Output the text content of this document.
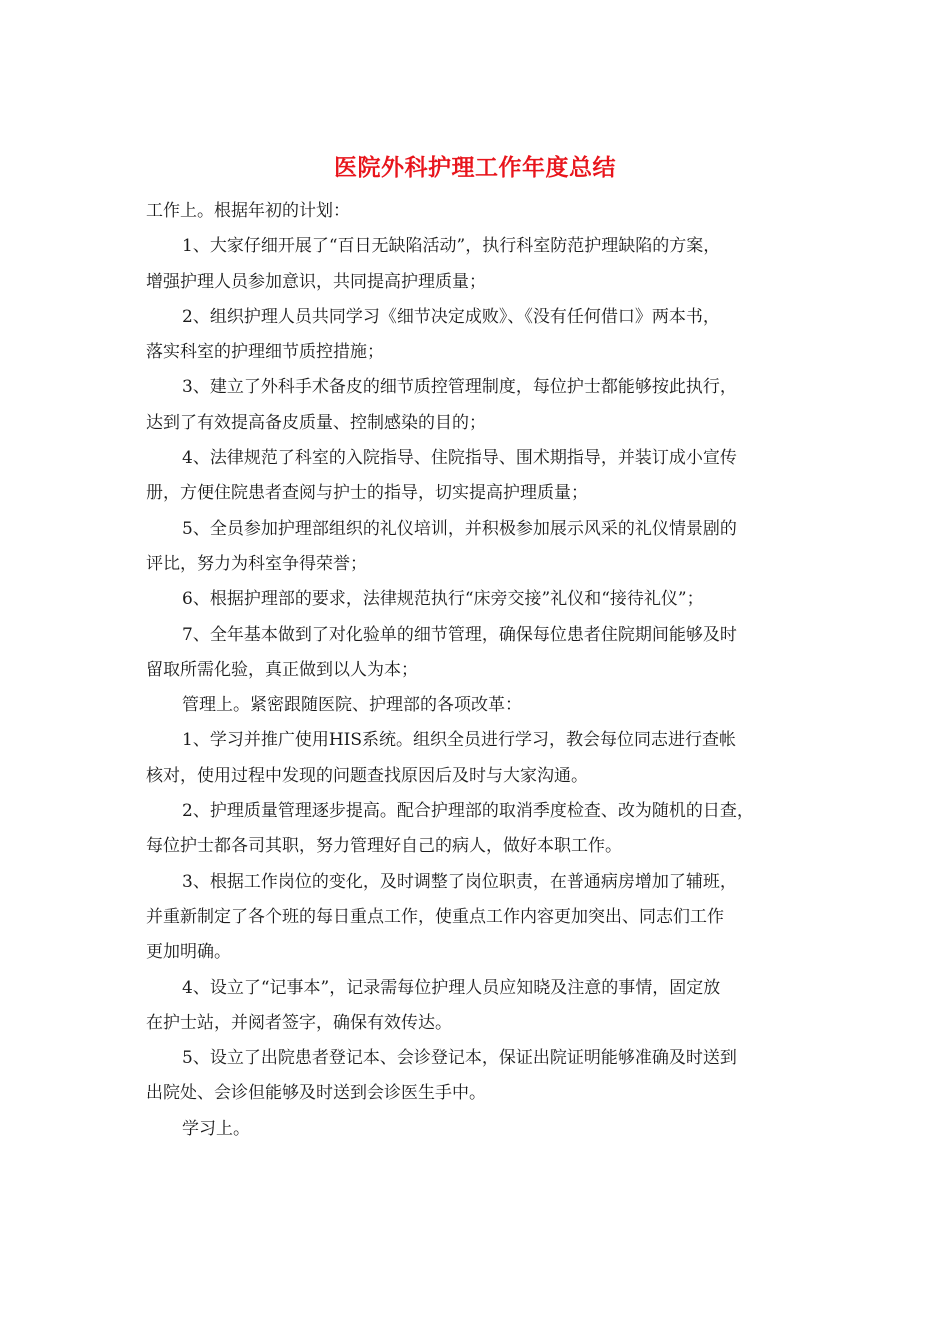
医院外科护理工作年度总结
工作上。根据年初的计划：
1、大家仔细开展了“百日无缺陷活动”，执行科室防范护理缺陷的方案，
增强护理人员参加意识，共同提高护理质量；
2、组织护理人员共同学习《细节决定成败》、《没有任何借口》两本书，
落实科室的护理细节质控措施；
3、建立了外科手术备皮的细节质控管理制度，每位护士都能够按此执行，
达到了有效提高备皮质量、控制感染的目的；
4、法律规范了科室的入院指导、住院指导、围术期指导，并装订成小宣传
册，方便住院患者查阅与护士的指导，切实提高护理质量；
5、全员参加护理部组织的礼仪培训，并积极参加展示风采的礼仪情景剧的
评比，努力为科室争得荣誉；
6、根据护理部的要求，法律规范执行“床旁交接”礼仪和“接待礼仪”；
7、全年基本做到了对化验单的细节管理，确保每位患者住院期间能够及时
留取所需化验，真正做到以人为本；
管理上。紧密跟随医院、护理部的各项改革：
1、学习并推广使用HIS系统。组织全员进行学习，教会每位同志进行查帐
核对，使用过程中发现的问题查找原因后及时与大家沟通。
2、护理质量管理逐步提高。配合护理部的取消季度检查、改为随机的日查，
每位护士都各司其职，努力管理好自己的病人，做好本职工作。
3、根据工作岗位的变化，及时调整了岗位职责，在普通病房增加了辅班，
并重新制定了各个班的每日重点工作，使重点工作内容更加突出、同志们工作
更加明确。
4、设立了“记事本”，记录需每位护理人员应知晓及注意的事情，固定放
在护士站，并阅者签字，确保有效传达。
5、设立了出院患者登记本、会诊登记本，保证出院证明能够准确及时送到
出院处、会诊但能够及时送到会诊医生手中。
学习上。
